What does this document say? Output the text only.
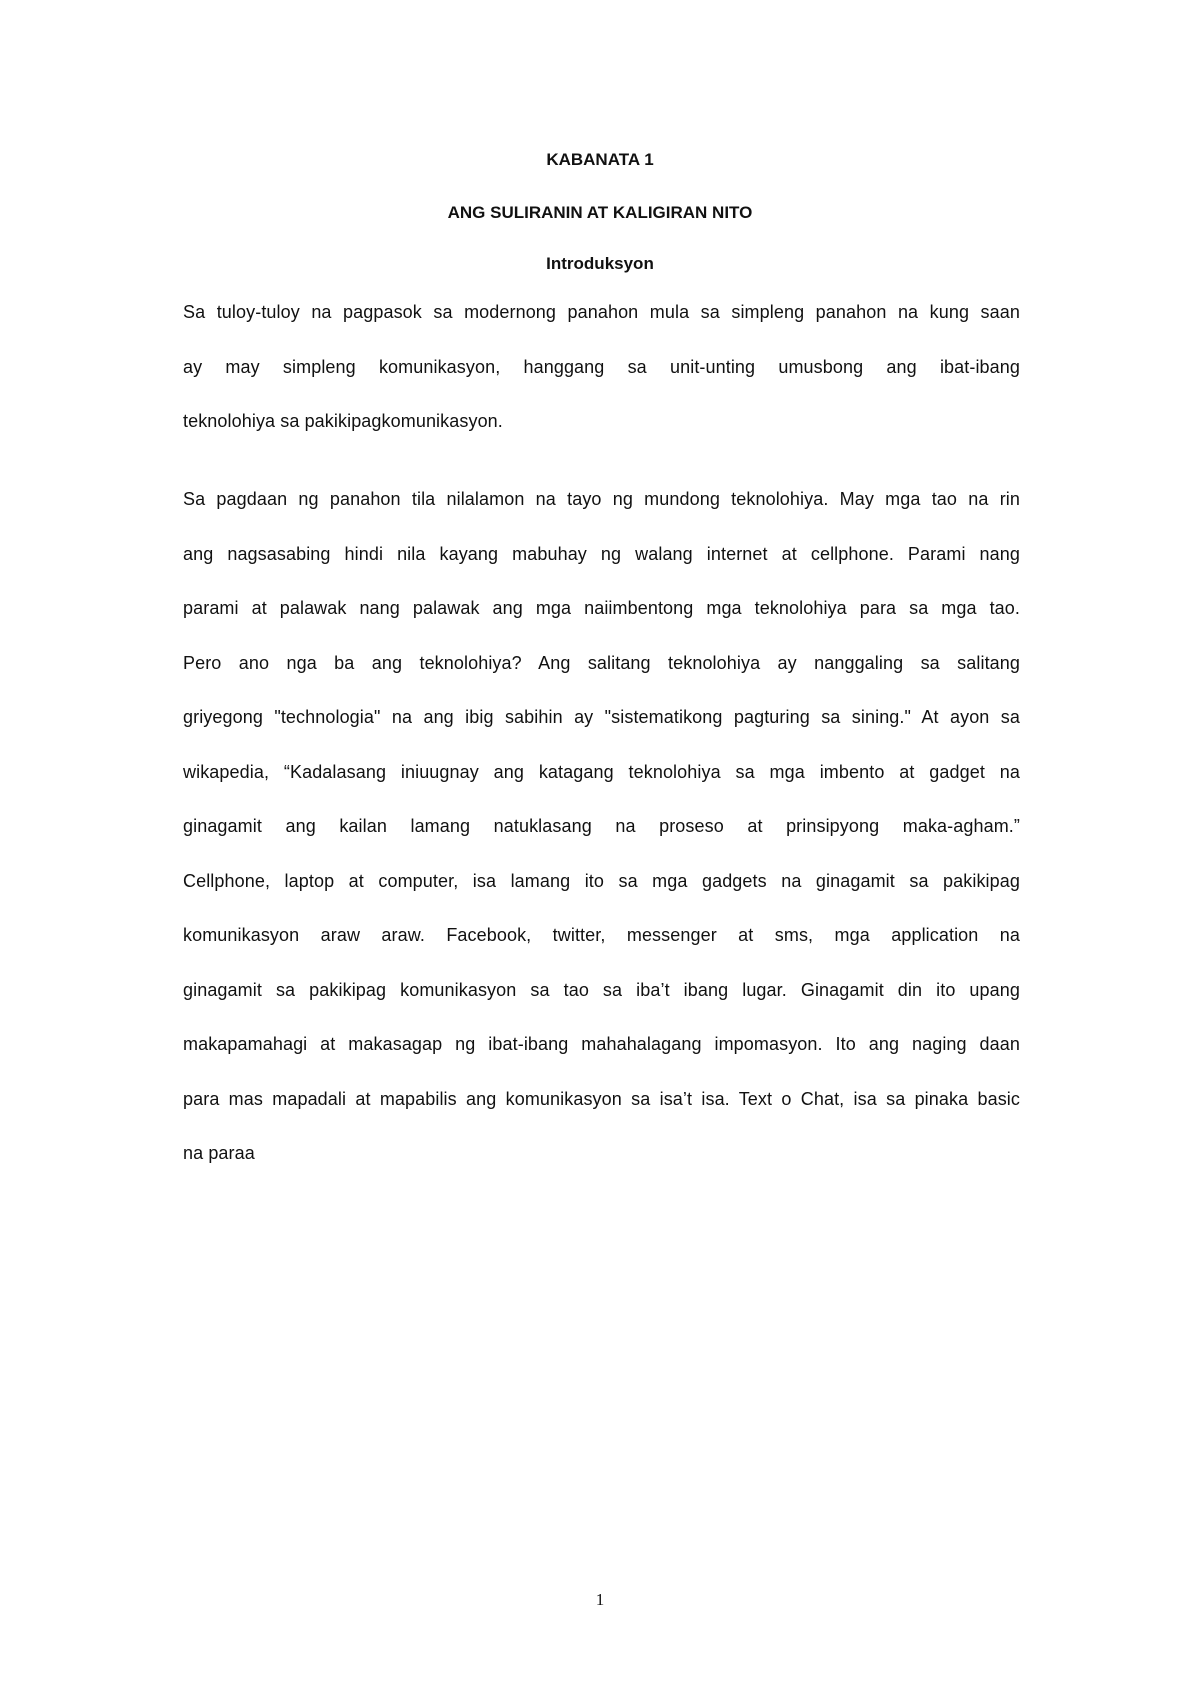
KABANATA 1
ANG SULIRANIN AT KALIGIRAN NITO
Introduksyon
Sa tuloy-tuloy na pagpasok sa modernong panahon mula sa simpleng panahon na kung saan
ay may simpleng komunikasyon, hanggang sa unit-unting umusbong ang ibat-ibang
teknolohiya sa pakikipagkomunikasyon.
Sa pagdaan ng panahon tila nilalamon na tayo ng mundong teknolohiya. May mga tao na rin
ang nagsasabing hindi nila kayang mabuhay ng walang internet at cellphone. Parami nang
parami at palawak nang palawak ang mga naiimbentong mga teknolohiya para sa mga tao.
Pero ano nga ba ang teknolohiya? Ang salitang teknolohiya ay nanggaling sa salitang
griyegong "technologia" na ang ibig sabihin ay "sistematikong pagturing sa sining." At ayon sa
wikapedia, “Kadalasang iniuugnay ang katagang teknolohiya sa mga imbento at gadget na
ginagamit ang kailan lamang natuklasang na proseso at prinsipyong maka-agham.”
Cellphone, laptop at computer, isa lamang ito sa mga gadgets na ginagamit sa pakikipag
komunikasyon araw araw. Facebook, twitter, messenger at sms, mga application na
ginagamit sa pakikipag komunikasyon sa tao sa iba’t ibang lugar. Ginagamit din ito upang
makapamahagi at makasagap ng ibat-ibang mahahalagang impomasyon. Ito ang naging daan
para mas mapadali at mapabilis ang komunikasyon sa isa’t isa. Text o Chat, isa sa pinaka basic
na paraa
1
